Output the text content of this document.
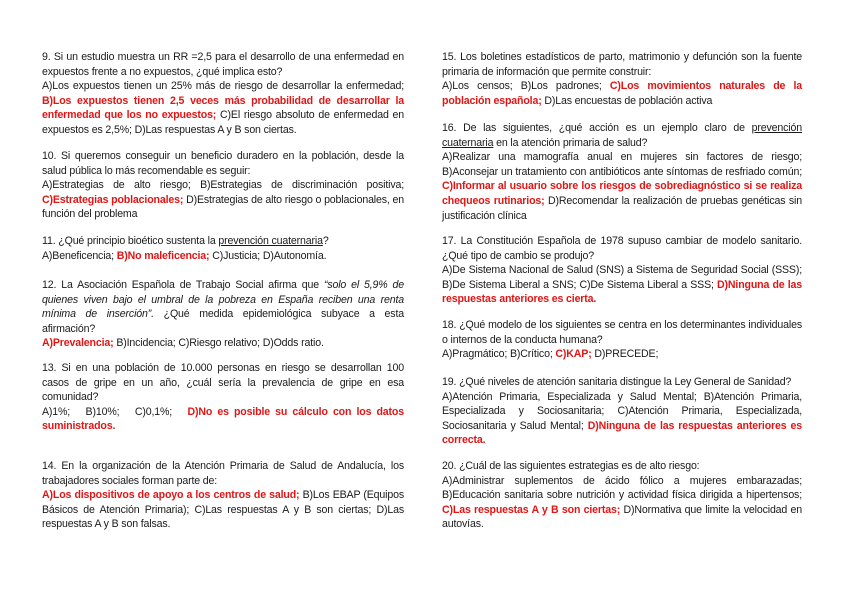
9. Si un estudio muestra un RR =2,5 para el desarrollo de una enfermedad en expuestos frente a no expuestos, ¿qué implica esto?
A)Los expuestos tienen un 25% más de riesgo de desarrollar la enfermedad; B)Los expuestos tienen 2,5 veces más probabilidad de desarrollar la enfermedad que los no expuestos; C)El riesgo absoluto de enfermedad en expuestos es 2,5%; D)Las respuestas A y B son ciertas.

10. Si queremos conseguir un beneficio duradero en la población, desde la salud pública lo más recomendable es seguir:
A)Estrategias de alto riesgo; B)Estrategias de discriminación positiva; C)Estrategias poblacionales; D)Estrategias de alto riesgo o poblacionales, en función del problema

11. ¿Qué principio bioético sustenta la prevención cuaternaria?
A)Beneficencia; B)No maleficencia; C)Justicia; D)Autonomía.

12. La Asociación Española de Trabajo Social afirma que “solo el 5,9% de quienes viven bajo el umbral de la pobreza en España reciben una renta mínima de inserción”. ¿Qué medida epidemiológica subyace a esta afirmación?
A)Prevalencia; B)Incidencia; C)Riesgo relativo; D)Odds ratio.

13. Si en una población de 10.000 personas en riesgo se desarrollan 100 casos de gripe en un año, ¿cuál sería la prevalencia de gripe en esa comunidad?
A)1%; B)10%; C)0,1%; D)No es posible su cálculo con los datos suministrados.

14. En la organización de la Atención Primaria de Salud de Andalucía, los trabajadores sociales forman parte de:
A)Los dispositivos de apoyo a los centros de salud; B)Los EBAP (Equipos Básicos de Atención Primaria); C)Las respuestas A y B son ciertas; D)Las respuestas A y B son falsas.

15. Los boletines estadísticos de parto, matrimonio y defunción son la fuente primaria de información que permite construir:
A)Los censos; B)Los padrones; C)Los movimientos naturales de la población española; D)Las encuestas de población activa

16. De las siguientes, ¿qué acción es un ejemplo claro de prevención cuaternaria en la atención primaria de salud?
A)Realizar una mamografía anual en mujeres sin factores de riesgo; B)Aconsejar un tratamiento con antibióticos ante síntomas de resfriado común; C)Informar al usuario sobre los riesgos de sobrediagnóstico si se realiza chequeos rutinarios; D)Recomendar la realización de pruebas genéticas sin justificación clínica

17. La Constitución Española de 1978 supuso cambiar de modelo sanitario. ¿Qué tipo de cambio se produjo?
A)De Sistema Nacional de Salud (SNS) a Sistema de Seguridad Social (SSS); B)De Sistema Liberal a SNS; C)De Sistema Liberal a SSS; D)Ninguna de las respuestas anteriores es cierta.

18. ¿Qué modelo de los siguientes se centra en los determinantes individuales o internos de la conducta humana?
A)Pragmático; B)Crítico; C)KAP; D)PRECEDE;

19. ¿Qué niveles de atención sanitaria distingue la Ley General de Sanidad?
A)Atención Primaria, Especializada y Salud Mental; B)Atención Primaria, Especializada y Sociosanitaria; C)Atención Primaria, Especializada, Sociosanitaria y Salud Mental; D)Ninguna de las respuestas anteriores es correcta.

20. ¿Cuál de las siguientes estrategias es de alto riesgo:
A)Administrar suplementos de ácido fólico a mujeres embarazadas; B)Educación sanitaria sobre nutrición y actividad física dirigida a hipertensos; C)Las respuestas A y B son ciertas; D)Normativa que limite la velocidad en autovías.
